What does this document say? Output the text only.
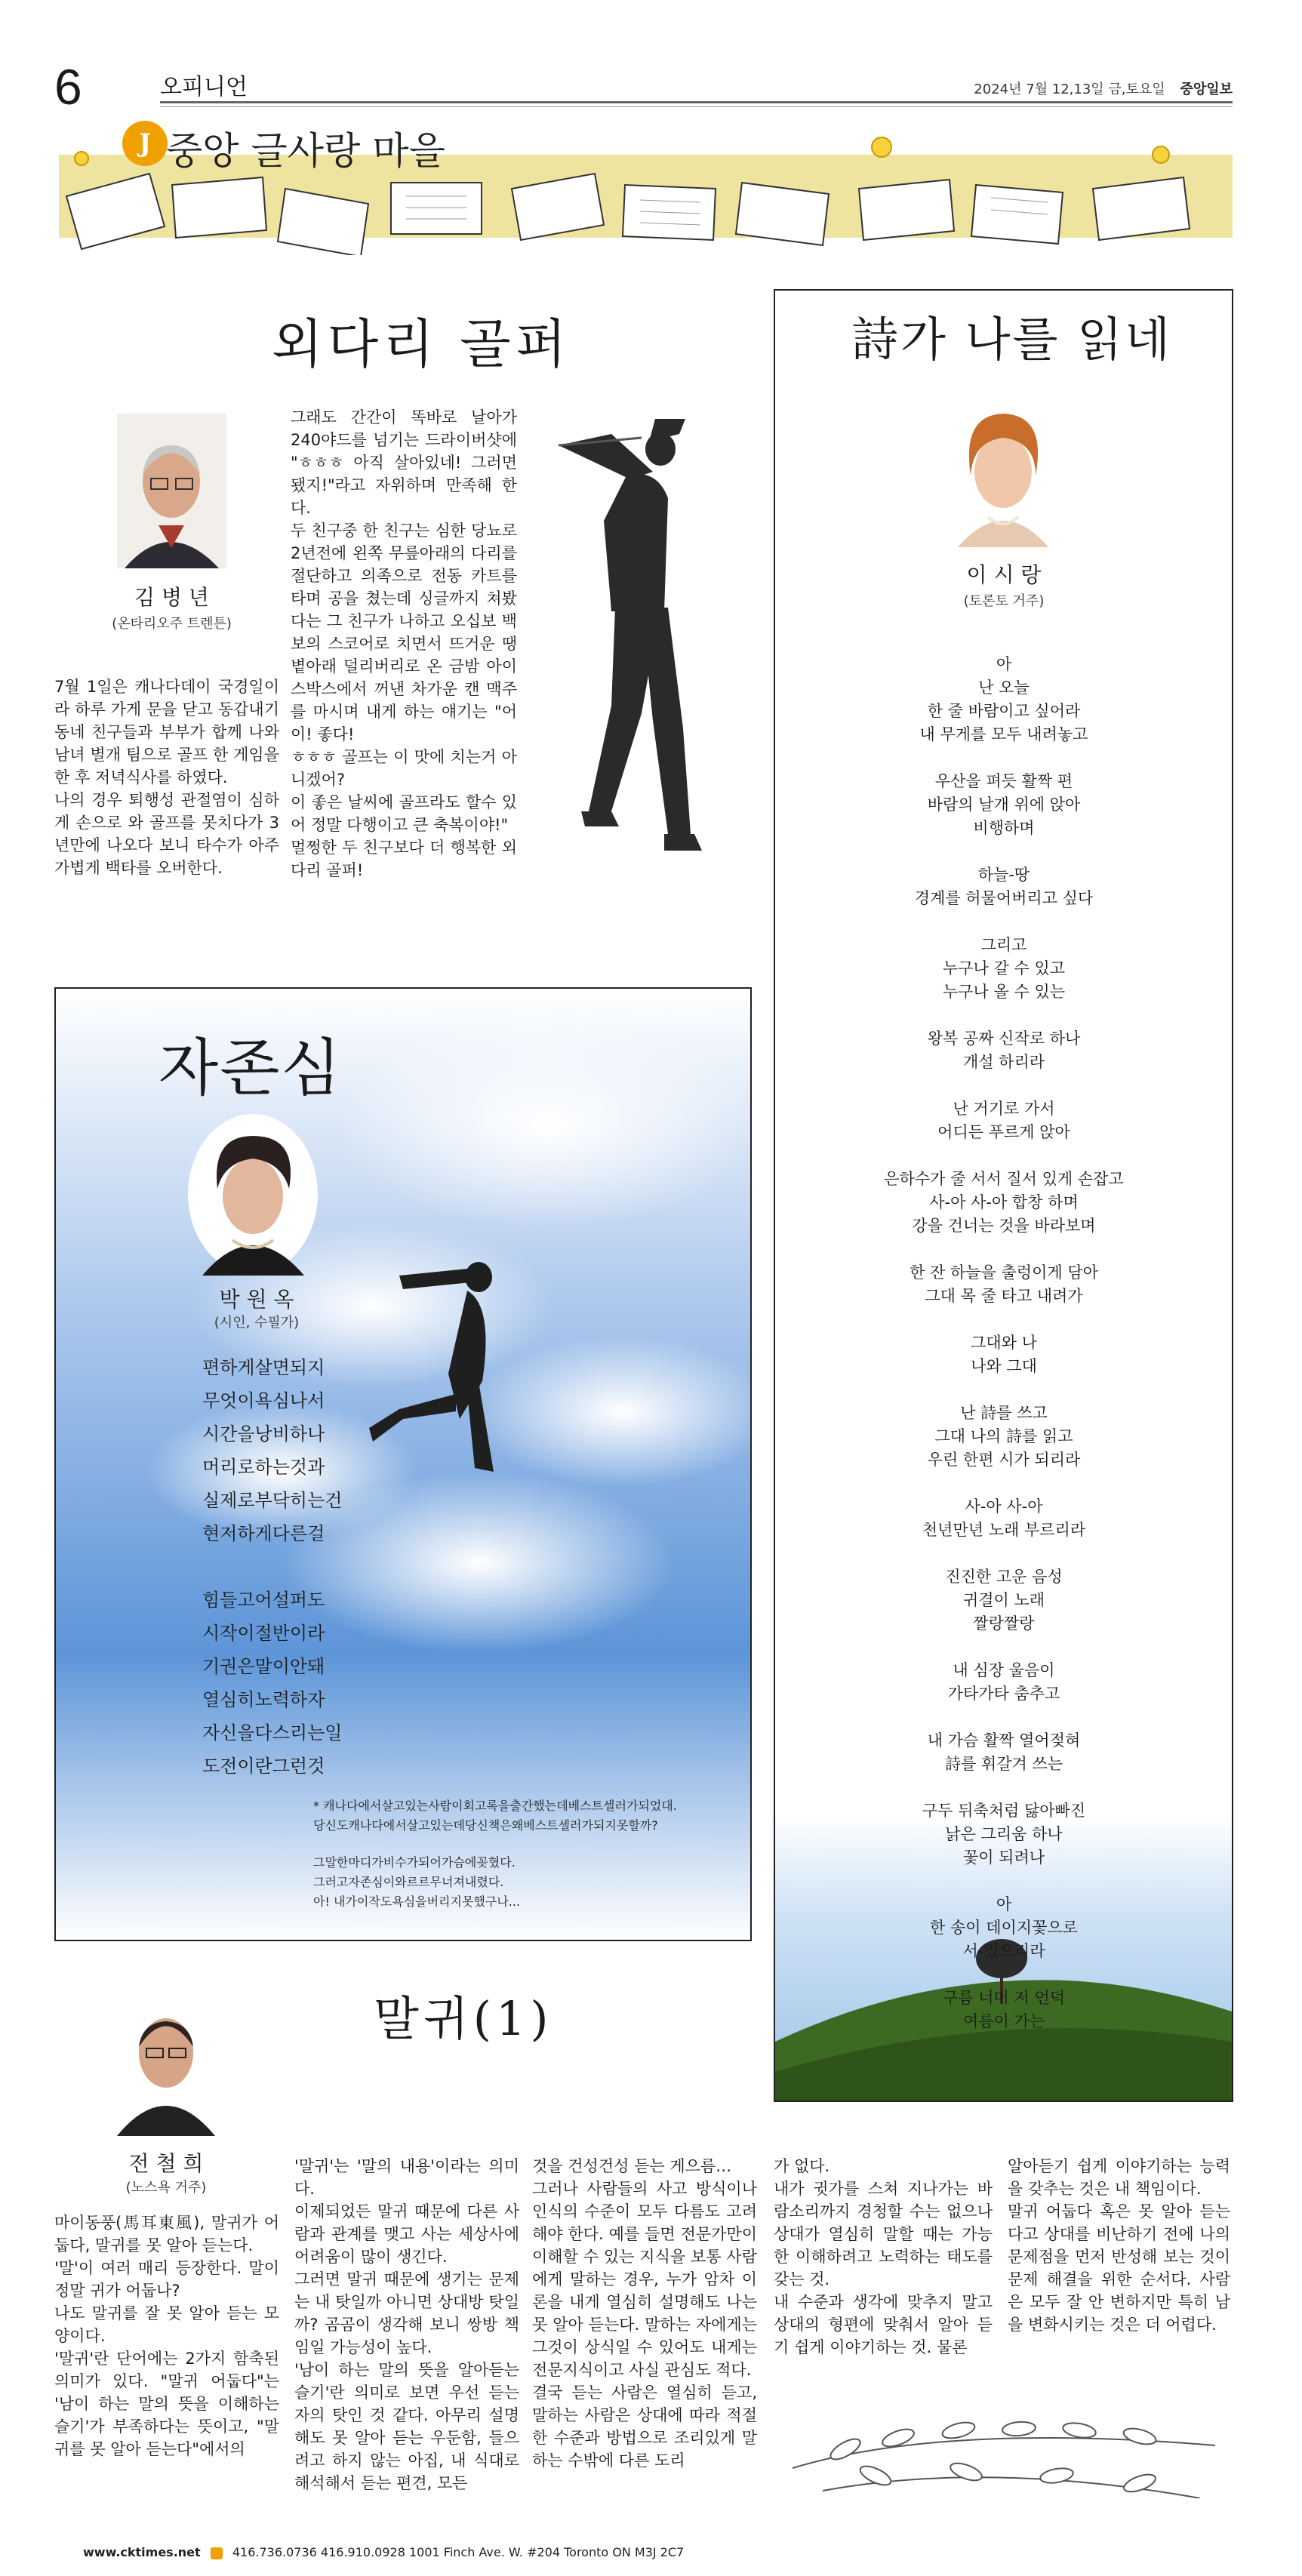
6	오피니언	2024년 7월 12,13일 금,토요일 중앙일보
J 중앙 글사랑 마을
외다리 골퍼
김 병 년
(온타리오주 트렌튼)
7월 1일은 캐나다데이 국경일이라 하루 가게 문을 닫고 동갑내기 동네 친구들과 부부가 합께 나와 남녀 별개 팀으로 골프 한 게임을 한 후 저녁식사를 하였다.
나의 경우 퇴행성 관절염이 심하게 손으로 와 골프를 못치다가 3년만에 나오다 보니 타수가 아주 가볍게 백타를 오버한다.
그래도 간간이 똑바로 날아가 240야드를 넘기는 드라이버샷에 "ㅎㅎㅎ 아직 살아있네! 그러면 됐지!"라고 자위하며 만족해 한다.
두 친구중 한 친구는 심한 당뇨로 2년전에 왼쪽 무릎아래의 다리를 절단하고 의족으로 전동 카트를 타며 공을 쳤는데 싱글까지 쳐봤다는 그 친구가 나하고 오십보 백보의 스코어로 치면서 뜨거운 땡볕아래 덜리버리로 온 금밤 아이스박스에서 꺼낸 차가운 캔 맥주를 마시며 내게 하는 얘기는 "어이! 좋다!
ㅎㅎㅎ 골프는 이 맛에 치는거 아니겠어?
이 좋은 날씨에 골프라도 할수 있어 정말 다행이고 큰 축복이야!"
멀쩡한 두 친구보다 더 행복한 외다리 골퍼!
자존심
박 원 옥
(시인, 수필가)
편하게살면되지
무엇이욕심나서
시간을낭비하나
머리로하는것과
실제로부닥히는건
현저하게다른걸

힘들고어설퍼도
시작이절반이라
기권은말이안돼
열심히노력하자
자신을다스리는일
도전이란그런것
* 캐나다에서살고있는사람이회고록을출간했는데베스트셀러가되었대.
당신도캐나다에서살고있는데당신책은왜베스트셀러가되지못할까?
그말한마디가비수가되어가슴에꽂혔다.
그러고자존심이와르르무너져내렸다.
아! 내가이작도욕심을버리지못했구나...
詩가 나를 읽네
이 시 랑
(토론토 거주)
아
난 오늘
한 줄 바람이고 싶어라
내 무게를 모두 내려놓고

우산을 펴듯 활짝 편
바람의 날개 위에 앉아
비행하며

하늘-땅
경계를 허물어버리고 싶다

그리고
누구나 갈 수 있고
누구나 올 수 있는

왕복 공짜 신작로 하나
개설 하리라

난 거기로 가서
어디든 푸르게 앉아

은하수가 줄 서서 질서 있게 손잡고
사-아 사-아 합창 하며
강을 건너는 것을 바라보며

한 잔 하늘을 출렁이게 담아
그대 목 줄 타고 내려가

그대와 나
나와 그대

난 詩를 쓰고
그대 나의 詩를 읽고
우린 한편 시가 되리라

사-아 사-아
천년만년 노래 부르리라

진진한 고운 음성
귀결이 노래
짤랑짤랑

내 심장 울음이
가타가타 춤추고

내 가슴 활짝 열어젖혀
詩를 휘갈겨 쓰는

구두 뒤축처럼 닳아빠진
낡은 그리움 하나
꽃이 되려나

아
한 송이 데이지꽃으로
서-있으리라

구름 너머 저 언덕
여름이 가는
말귀(1)
전 철 희
(노스욕 거주)
마이동풍(馬耳東風), 말귀가 어둡다, 말귀를 못 알아 듣는다.
'말'이 여러 매리 등장한다. 말이 정말 귀가 어둡나?
나도 말귀를 잘 못 알아 듣는 모양이다.
'말귀'란 단어에는 2가지 함축된 의미가 있다. "말귀 어둡다"는 '남이 하는 말의 뜻을 이해하는 슬기'가 부족하다는 뜻이고, "말귀를 못 알아 듣는다"에서의
'말귀'는 '말의 내용'이라는 의미다.
이제되었든 말귀 때문에 다른 사람과 관계를 맺고 사는 세상사에 어려움이 많이 생긴다.
그러면 말귀 때문에 생기는 문제는 내 탓일까 아니면 상대방 탓일까? 곰곰이 생각해 보니 쌍방 책임일 가능성이 높다.
'남이 하는 말의 뜻을 알아듣는 슬기'란 의미로 보면 우선 듣는 자의 탓인 것 같다. 아무리 설명해도 못 알아 듣는 우둔함, 들으려고 하지 않는 아집, 내 식대로 해석해서 듣는 편견, 모든
것을 건성건성 듣는 게으름…
그러나 사람들의 사고 방식이나 인식의 수준이 모두 다름도 고려해야 한다. 예를 들면 전문가만이 이해할 수 있는 지식을 보통 사람에게 말하는 경우, 누가 암차 이론을 내게 열심히 설명해도 나는 못 알아 듣는다. 말하는 자에게는 그것이 상식일 수 있어도 내게는 전문지식이고 사실 관심도 적다.
결국 듣는 사람은 열심히 듣고, 말하는 사람은 상대에 따라 적절한 수준과 방법으로 조리있게 말하는 수밖에 다른 도리
가 없다.
내가 귓가를 스쳐 지나가는 바람소리까지 경청할 수는 없으나 상대가 열심히 말할 때는 가능한 이해하려고 노력하는 태도를 갖는 것.
내 수준과 생각에 맞추지 말고 상대의 형편에 맞춰서 알아 듣기 쉽게 이야기하는 것. 물론
알아듣기 쉽게 이야기하는 능력을 갖추는 것은 내 책임이다.
말귀 어둡다 혹은 못 알아 듣는다고 상대를 비난하기 전에 나의 문제점을 먼저 반성해 보는 것이 문제 해결을 위한 순서다. 사람은 모두 잘 안 변하지만 특히 남을 변화시키는 것은 더 어렵다.
www.cktimes.net	416.736.0736 416.910.0928 1001 Finch Ave. W. #204 Toronto ON M3J 2C7
